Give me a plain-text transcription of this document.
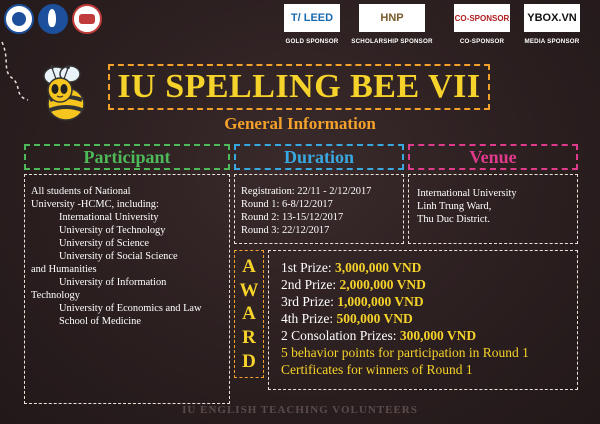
T/ LEED
GOLD SPONSOR
HNP
SCHOLARSHIP SPONSOR
CO-SPONSOR
CO-SPONSOR
YBOX.VN
MEDIA SPONSOR
IU SPELLING BEE VII
General Information
Participant	Duration	Venue
All students of National
University -HCMC, including:
International University
University of Technology
University of Science
University of Social Science
and Humanities
University of Information
Technology
University of Economics and Law
School of Medicine
Registration: 22/11 - 2/12/2017
Round 1: 6-8/12/2017
Round 2: 13-15/12/2017
Round 3: 22/12/2017
International University
Linh Trung Ward,
Thu Duc District.
A
W
A
R
D
1st Prize: 3,000,000 VND
2nd Prize: 2,000,000 VND
3rd Prize: 1,000,000 VND
4th Prize: 500,000 VND
2 Consolation Prizes: 300,000 VND
5 behavior points for participation in Round 1
Certificates for winners of Round 1
IU ENGLISH TEACHING VOLUNTEERS
